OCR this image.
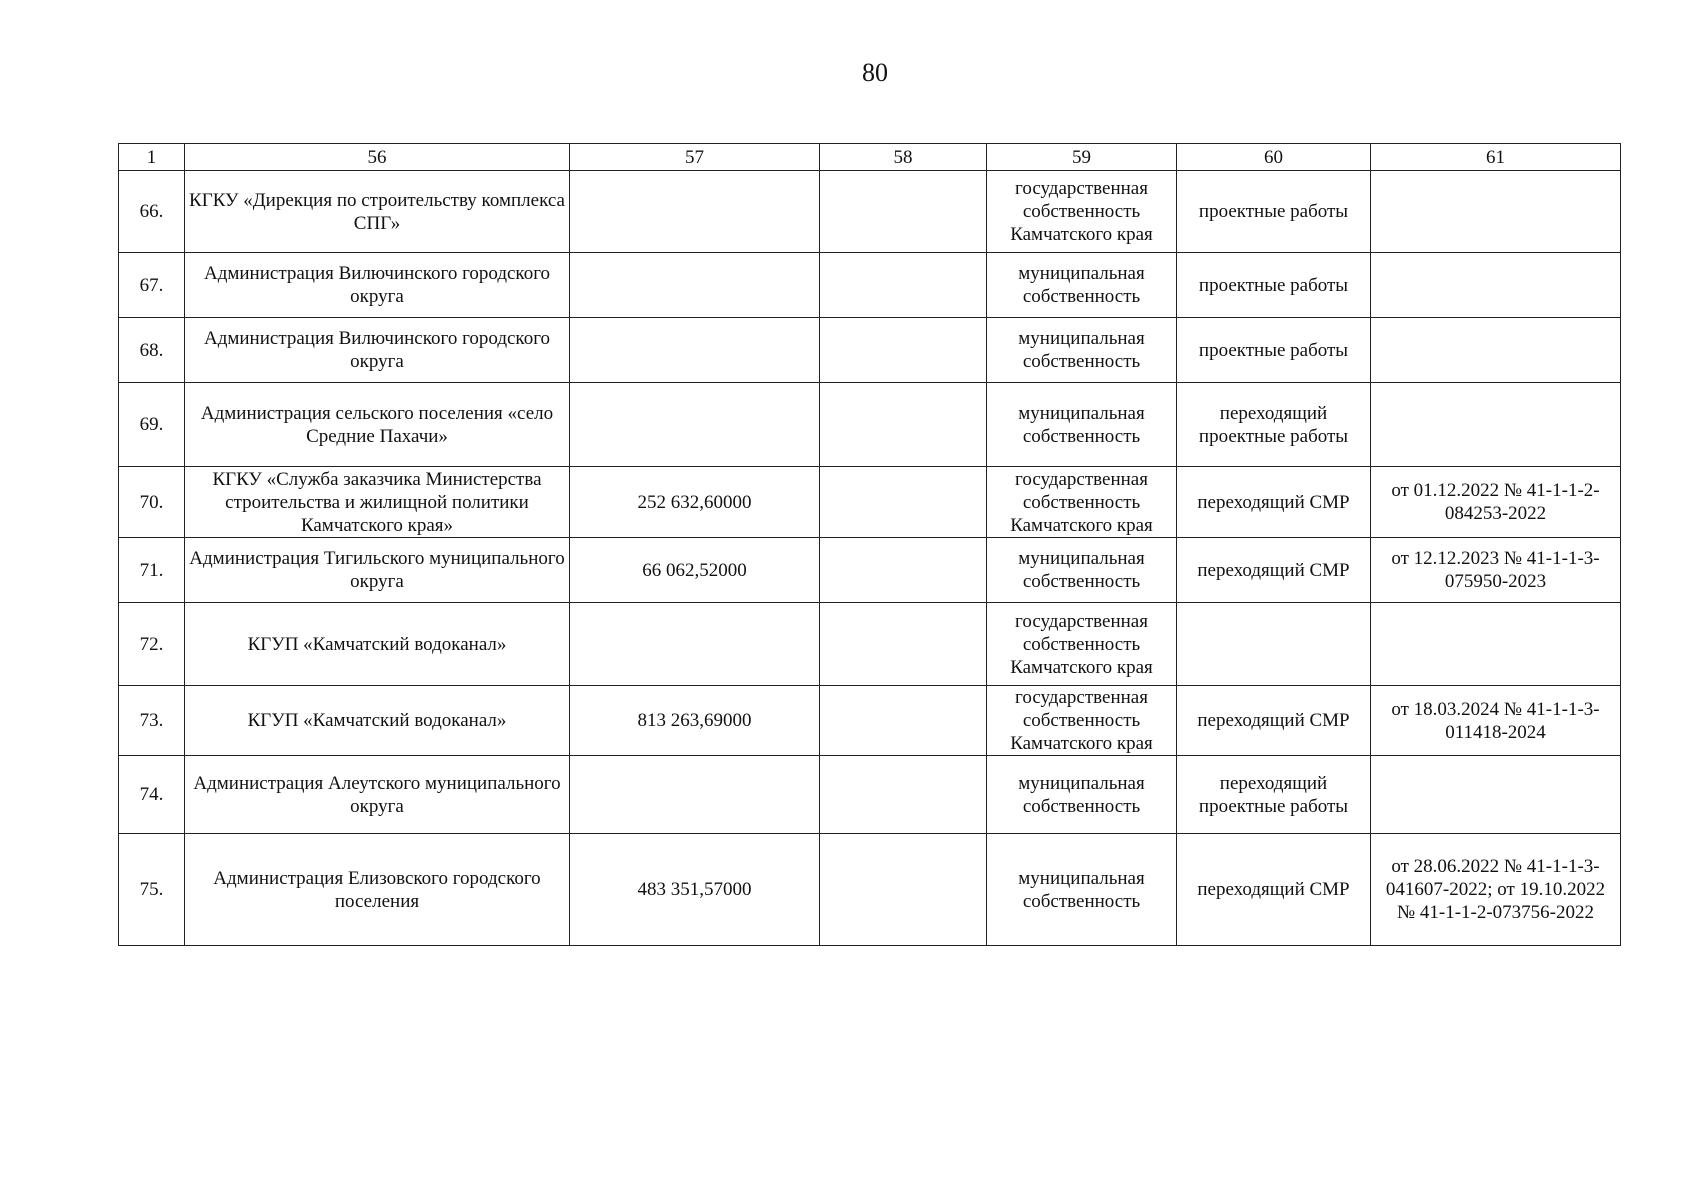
80
1	56	57	58	59	60	61
66.	КГКУ «Дирекция по строительству комплекса СПГ»			государственная собственность Камчатского края	проектные работы	
67.	Администрация Вилючинского городского округа			муниципальная собственность	проектные работы	
68.	Администрация Вилючинского городского округа			муниципальная собственность	проектные работы	
69.	Администрация сельского поселения «село Средние Пахачи»			муниципальная собственность	переходящий проектные работы	
70.	КГКУ «Служба заказчика Министерства строительства и жилищной политики Камчатского края»	252 632,60000		государственная собственность Камчатского края	переходящий СМР	от 01.12.2022 № 41-1-1-2-084253-2022
71.	Администрация Тигильского муниципального округа	66 062,52000		муниципальная собственность	переходящий СМР	от 12.12.2023 № 41-1-1-3-075950-2023
72.	КГУП «Камчатский водоканал»			государственная собственность Камчатского края		
73.	КГУП «Камчатский водоканал»	813 263,69000		государственная собственность Камчатского края	переходящий СМР	от 18.03.2024 № 41-1-1-3-011418-2024
74.	Администрация Алеутского муниципального округа			муниципальная собственность	переходящий проектные работы	
75.	Администрация Елизовского городского поселения	483 351,57000		муниципальная собственность	переходящий СМР	от 28.06.2022 № 41-1-1-3-041607-2022; от 19.10.2022 № 41-1-1-2-073756-2022
